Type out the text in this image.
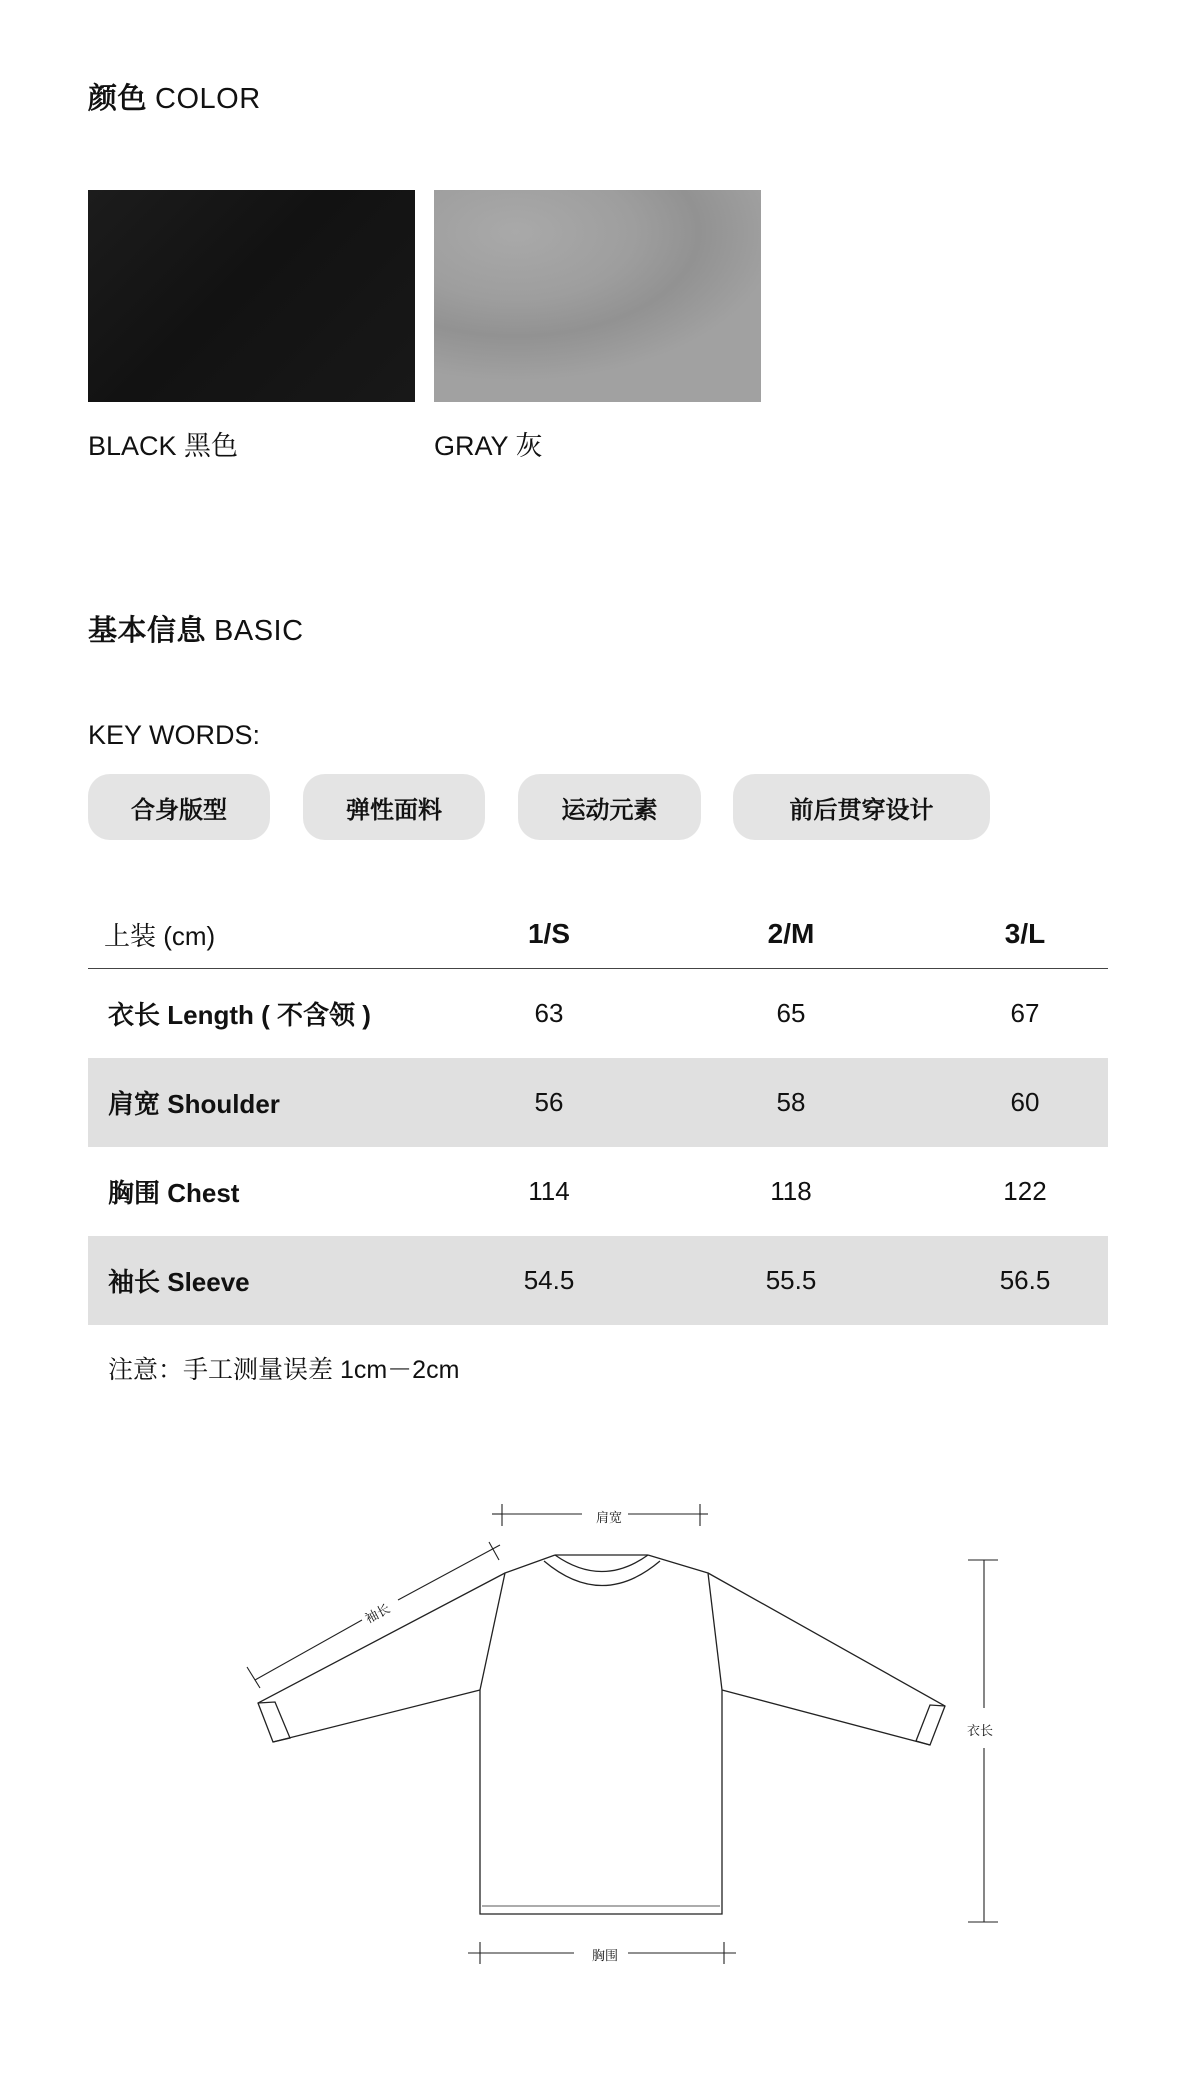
颜色 COLOR
BLACK 黑色	GRAY 灰
基本信息 BASIC
KEY WORDS:
合身版型	弹性面料	运动元素	前后贯穿设计
上装 (cm)	1/S	2/M	3/L
衣长 Length ( 不含领 )	63	65	67
肩宽 Shoulder	56	58	60
胸围 Chest	114	118	122
袖长 Sleeve	54.5	55.5	56.5
注意：手工测量误差 1cm－2cm
肩宽
袖长
衣长
胸围
